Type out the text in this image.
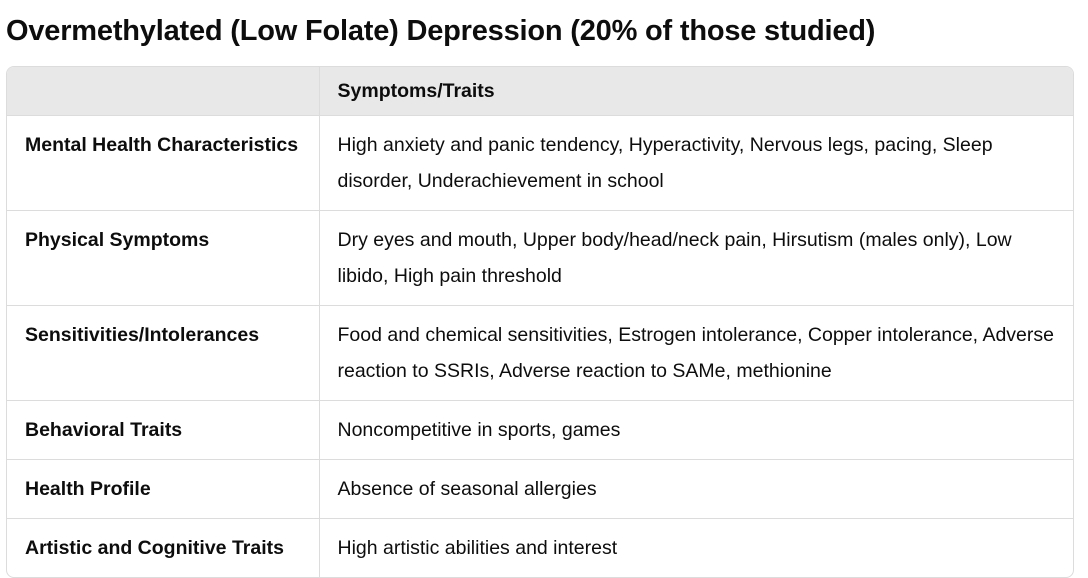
Overmethylated (Low Folate) Depression (20% of those studied)
	Symptoms/Traits
Mental Health Characteristics	High anxiety and panic tendency, Hyperactivity, Nervous legs, pacing, Sleep disorder, Underachievement in school
Physical Symptoms	Dry eyes and mouth, Upper body/head/neck pain, Hirsutism (males only), Low libido, High pain threshold
Sensitivities/Intolerances	Food and chemical sensitivities, Estrogen intolerance, Copper intolerance, Adverse reaction to SSRIs, Adverse reaction to SAMe, methionine
Behavioral Traits	Noncompetitive in sports, games
Health Profile	Absence of seasonal allergies
Artistic and Cognitive Traits	High artistic abilities and interest
